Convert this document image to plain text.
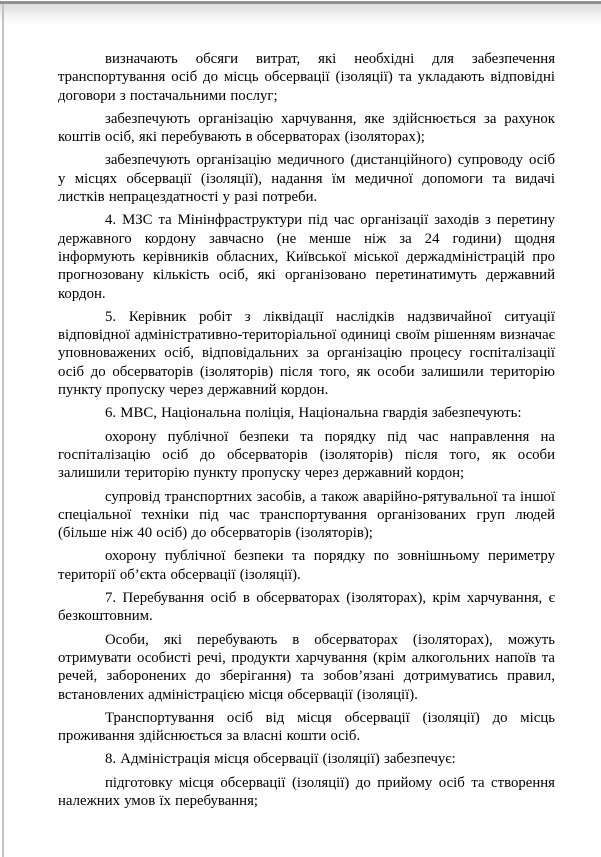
визначають обсяги витрат, які необхідні для забезпечення транспортування осіб до місць обсервації (ізоляції) та укладають відповідні договори з постачальними послуг;

забезпечують організацію харчування, яке здійснюється за рахунок коштів осіб, які перебувають в обсерваторах (ізоляторах);

забезпечують організацію медичного (дистанційного) супроводу осіб у місцях обсервації (ізоляції), надання їм медичної допомоги та видачі листків непрацездатності у разі потреби.

4. МЗС та Мінінфраструктури під час організації заходів з перетину державного кордону завчасно (не менше ніж за 24 години) щодня інформують керівників обласних, Київської міської держадміністрацій про прогнозовану кількість осіб, які організовано перетинатимуть державний кордон.

5. Керівник робіт з ліквідації наслідків надзвичайної ситуації відповідної адміністративно-територіальної одиниці своїм рішенням визначає уповноважених осіб, відповідальних за організацію процесу госпіталізації осіб до обсерваторів (ізоляторів) після того, як особи залишили територію пункту пропуску через державний кордон.

6. МВС, Національна поліція, Національна гвардія забезпечують:

охорону публічної безпеки та порядку під час направлення на госпіталізацію осіб до обсерваторів (ізоляторів) після того, як особи залишили територію пункту пропуску через державний кордон;

супровід транспортних засобів, а також аварійно-рятувальної та іншої спеціальної техніки під час транспортування організованих груп людей (більше ніж 40 осіб) до обсерваторів (ізоляторів);

охорону публічної безпеки та порядку по зовнішньому периметру території об’єкта обсервації (ізоляції).

7. Перебування осіб в обсерваторах (ізоляторах), крім харчування, є безкоштовним.

Особи, які перебувають в обсерваторах (ізоляторах), можуть отримувати особисті речі, продукти харчування (крім алкогольних напоїв та речей, заборонених до зберігання) та зобов’язані дотримуватись правил, встановлених адміністрацією місця обсервації (ізоляції).

Транспортування осіб від місця обсервації (ізоляції) до місць проживання здійснюється за власні кошти осіб.

8. Адміністрація місця обсервації (ізоляції) забезпечує:

підготовку місця обсервації (ізоляції) до прийому осіб та створення належних умов їх перебування;
